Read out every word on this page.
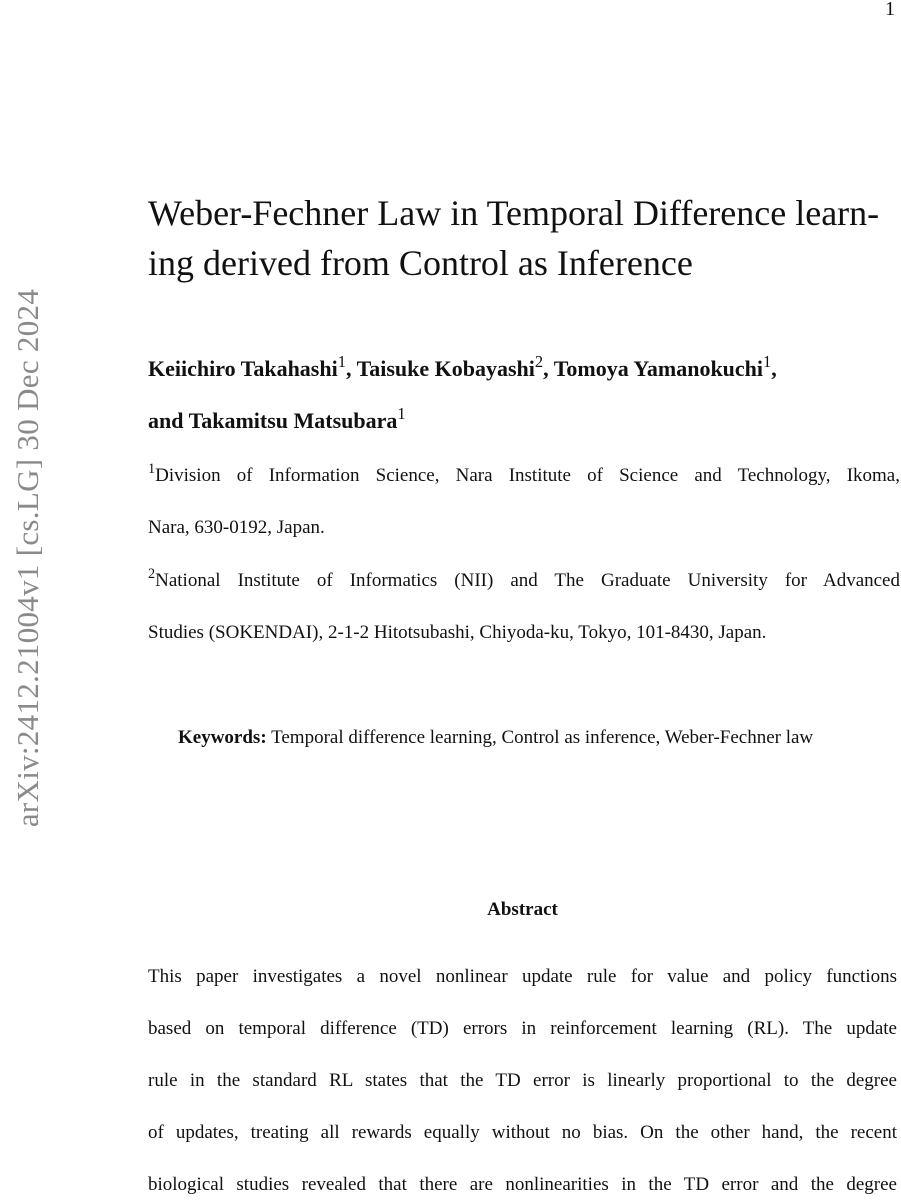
1
arXiv:2412.21004v1 [cs.LG] 30 Dec 2024
Weber-Fechner Law in Temporal Difference learn-
ing derived from Control as Inference
Keiichiro Takahashi$^1$, Taisuke Kobayashi$^2$, Tomoya Yamanokuchi$^1$,
and Takamitsu Matsubara$^1$
$^1$Division of Information Science, Nara Institute of Science and Technology, Ikoma,
Nara, 630-0192, Japan.
$^2$National Institute of Informatics (NII) and The Graduate University for Advanced
Studies (SOKENDAI), 2-1-2 Hitotsubashi, Chiyoda-ku, Tokyo, 101-8430, Japan.
Keywords: Temporal difference learning, Control as inference, Weber-Fechner law
Abstract
This paper investigates a novel nonlinear update rule for value and policy functions
based on temporal difference (TD) errors in reinforcement learning (RL). The update
rule in the standard RL states that the TD error is linearly proportional to the degree
of updates, treating all rewards equally without no bias. On the other hand, the recent
biological studies revealed that there are nonlinearities in the TD error and the degree
